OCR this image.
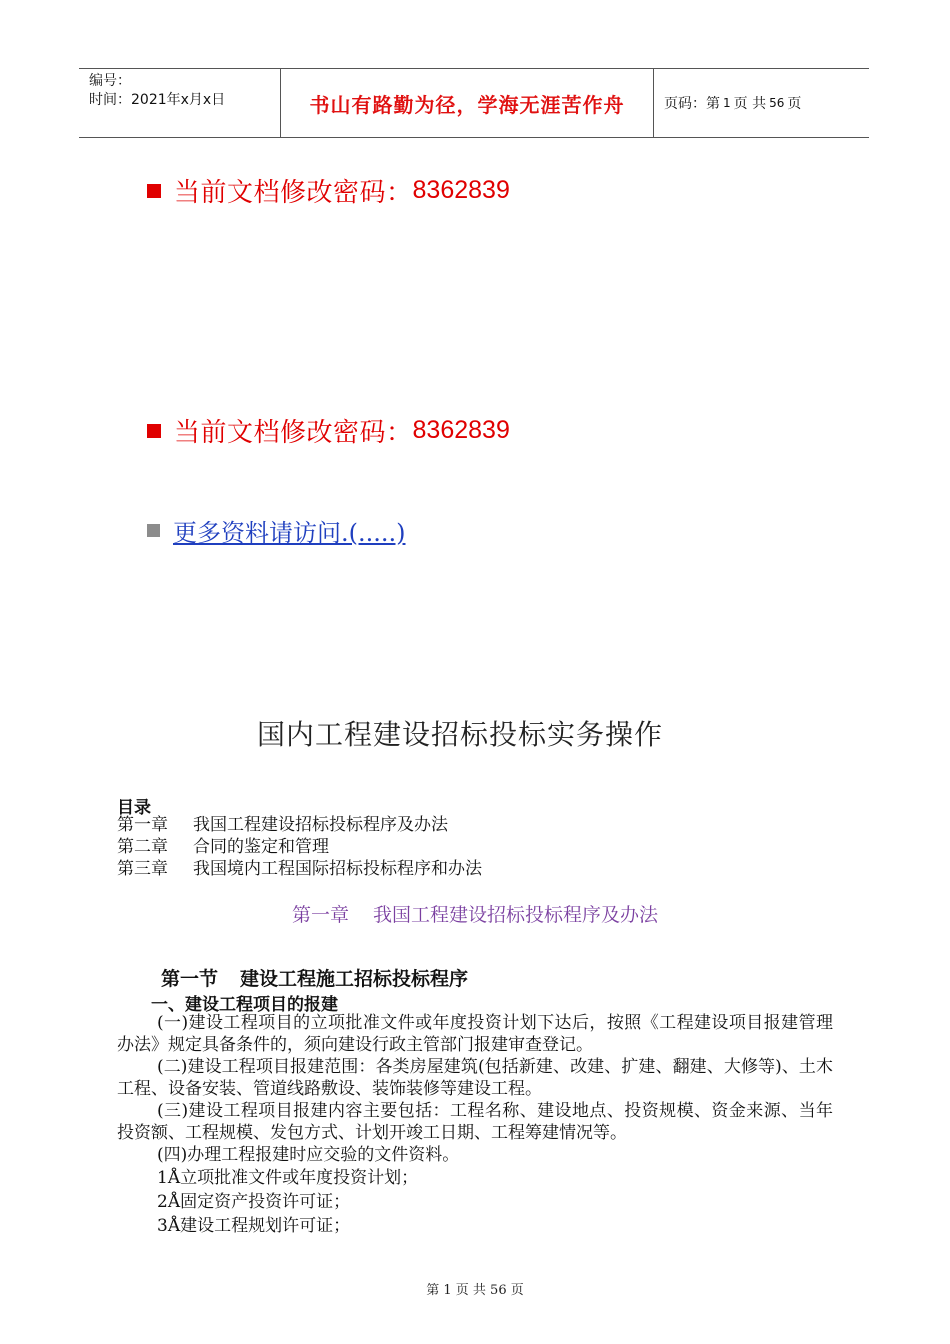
编号：
时间：2021年x月x日	书山有路勤为径，学海无涯苦作舟	页码：第 1 页 共 56 页
当前文档修改密码： 8362839
当前文档修改密码： 8362839
更多资料请访问.(.....)
国内工程建设招标投标实务操作
目录
第一章 我国工程建设招标投标程序及办法
第二章 合同的鉴定和管理
第三章 我国境内工程国际招标投标程序和办法
第一章 我国工程建设招标投标程序及办法
第一节 建设工程施工招标投标程序
一、建设工程项目的报建

(一)建设工程项目的立项批准文件或年度投资计划下达后，按照《工程建设项目报建管理办法》规定具备条件的，须向建设行政主管部门报建审查登记。

(二)建设工程项目报建范围：各类房屋建筑(包括新建、改建、扩建、翻建、大修等)、土木工程、设备安装、管道线路敷设、装饰装修等建设工程。

(三)建设工程项目报建内容主要包括：工程名称、建设地点、投资规模、资金来源、当年投资额、工程规模、发包方式、计划开竣工日期、工程筹建情况等。

(四)办理工程报建时应交验的文件资料。

1Å立项批准文件或年度投资计划；
2Å固定资产投资许可证；
3Å建设工程规划许可证；
第 1 页 共 56 页
